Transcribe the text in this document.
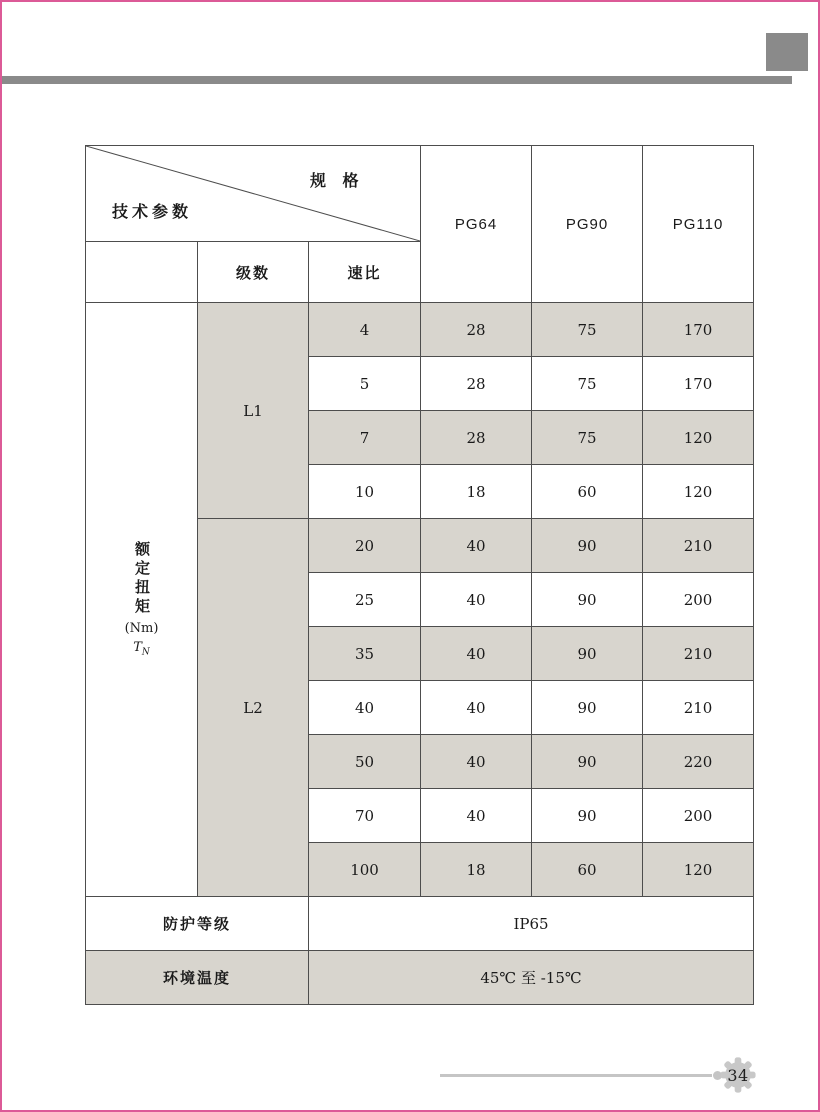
规 格
技术参数			PG64	PG90	PG110
	级数	速比			

额定扭矩
(Nm)
$T_N$	L1	4	28	75	170
		5	28	75	170
		7	28	75	120
		10	18	60	120
	L2	20	40	90	210
		25	40	90	200
		35	40	90	210
		40	40	90	210
		50	40	90	220
		70	40	90	200
		100	18	60	120
防护等级		IP65			
环境温度		45℃ 至 -15℃			
34
